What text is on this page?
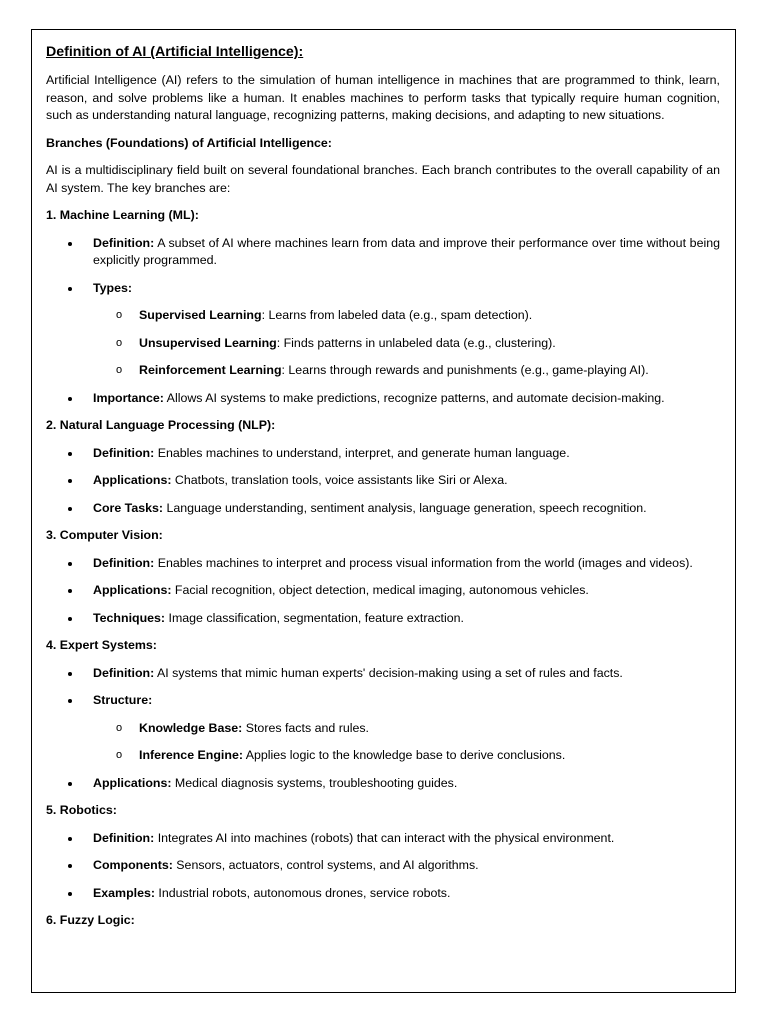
Definition of AI (Artificial Intelligence):

Artificial Intelligence (AI) refers to the simulation of human intelligence in machines that are programmed to think, learn, reason, and solve problems like a human. It enables machines to perform tasks that typically require human cognition, such as understanding natural language, recognizing patterns, making decisions, and adapting to new situations.

Branches (Foundations) of Artificial Intelligence:

AI is a multidisciplinary field built on several foundational branches. Each branch contributes to the overall capability of an AI system. The key branches are:

1. Machine Learning (ML):
Definition: A subset of AI where machines learn from data and improve their performance over time without being explicitly programmed.
Types:
o Supervised Learning: Learns from labeled data (e.g., spam detection).
o Unsupervised Learning: Finds patterns in unlabeled data (e.g., clustering).
o Reinforcement Learning: Learns through rewards and punishments (e.g., game-playing AI).
Importance: Allows AI systems to make predictions, recognize patterns, and automate decision-making.
2. Natural Language Processing (NLP):
Definition: Enables machines to understand, interpret, and generate human language.
Applications: Chatbots, translation tools, voice assistants like Siri or Alexa.
Core Tasks: Language understanding, sentiment analysis, language generation, speech recognition.
3. Computer Vision:
Definition: Enables machines to interpret and process visual information from the world (images and videos).
Applications: Facial recognition, object detection, medical imaging, autonomous vehicles.
Techniques: Image classification, segmentation, feature extraction.
4. Expert Systems:
Definition: AI systems that mimic human experts' decision-making using a set of rules and facts.
Structure:
o Knowledge Base: Stores facts and rules.
o Inference Engine: Applies logic to the knowledge base to derive conclusions.
Applications: Medical diagnosis systems, troubleshooting guides.
5. Robotics:
Definition: Integrates AI into machines (robots) that can interact with the physical environment.
Components: Sensors, actuators, control systems, and AI algorithms.
Examples: Industrial robots, autonomous drones, service robots.
6. Fuzzy Logic:
